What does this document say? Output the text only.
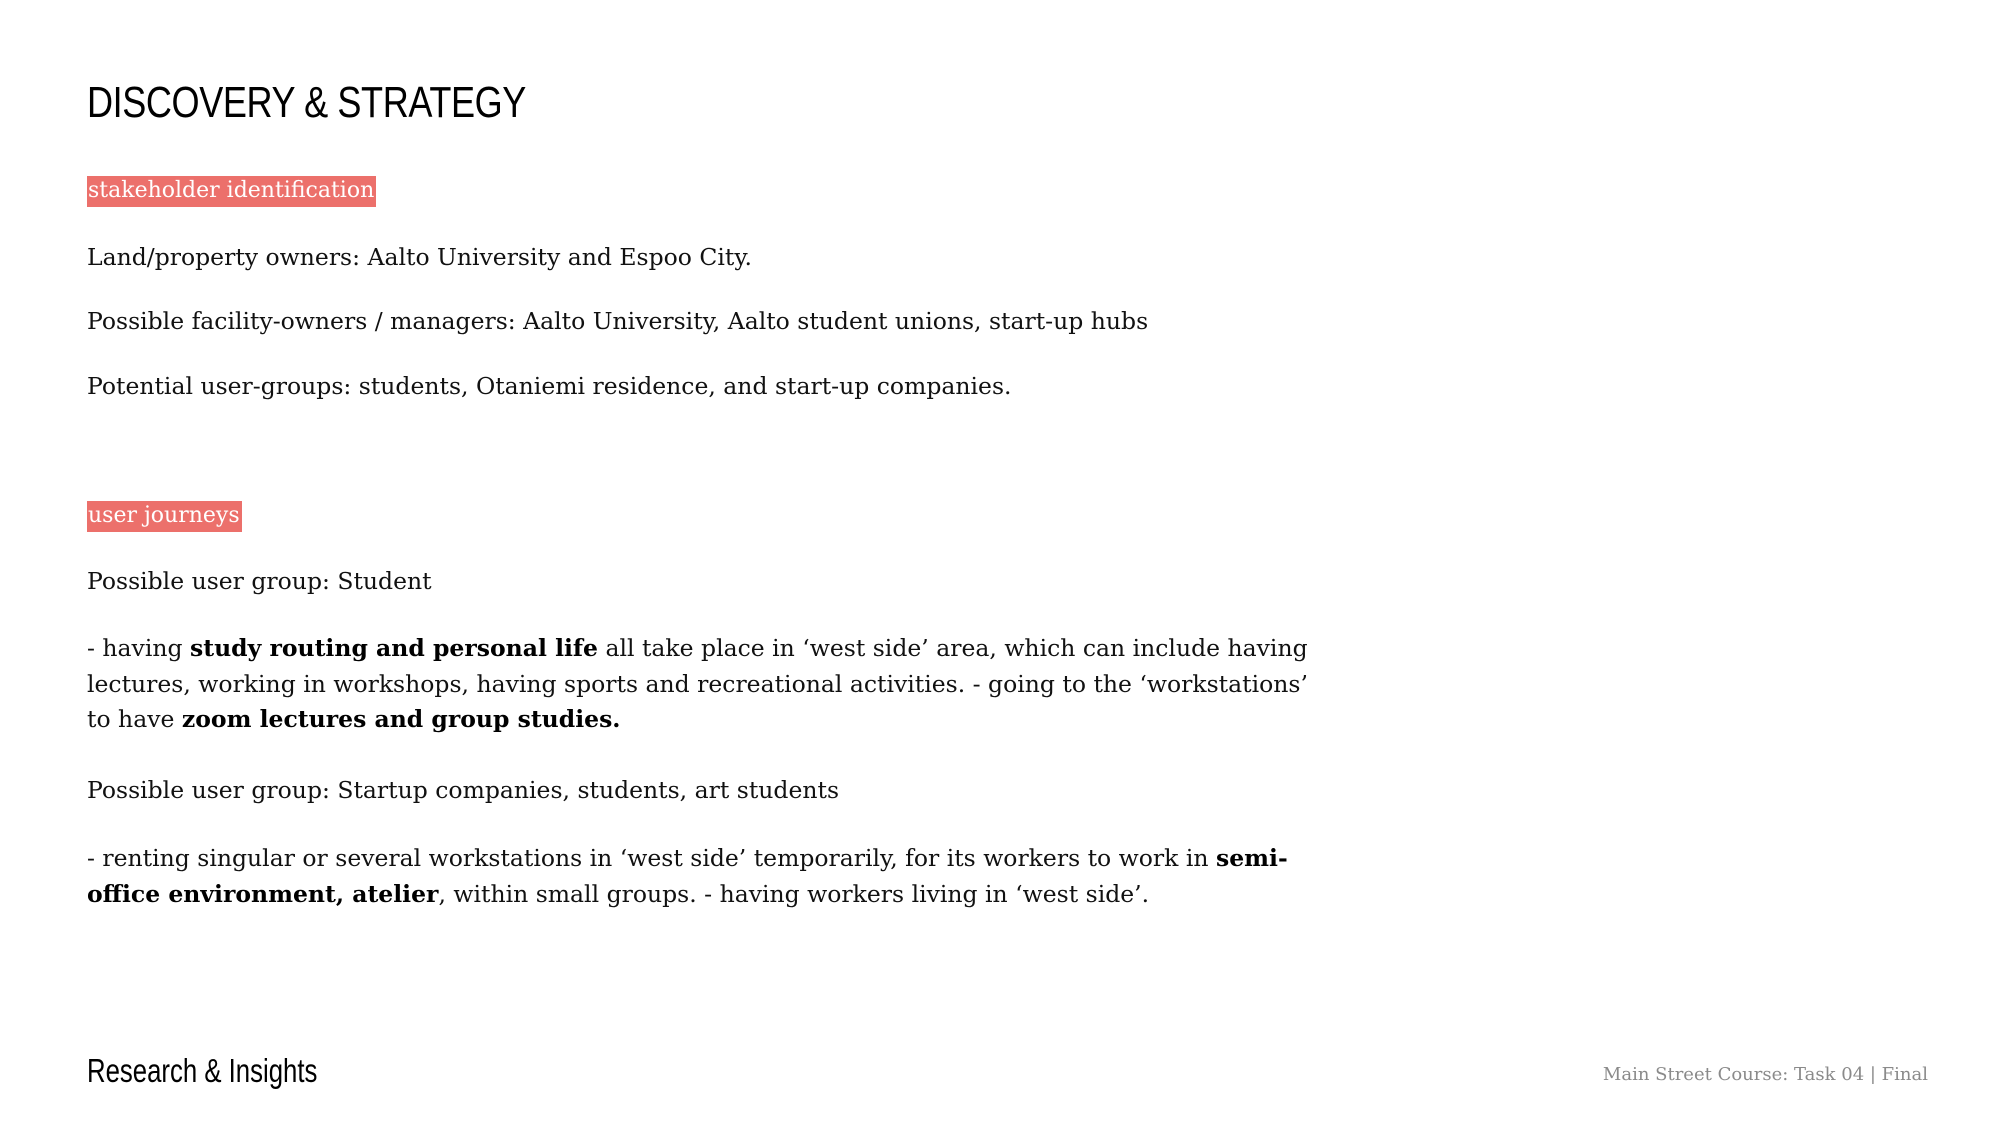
DISCOVERY & STRATEGY
stakeholder identification
Land/property owners: Aalto University and Espoo City.
Possible facility-owners / managers: Aalto University, Aalto student unions, start-up hubs
Potential user-groups: students, Otaniemi residence, and start-up companies.
user journeys
Possible user group: Student
- having study routing and personal life all take place in ‘west side’ area, which can include having lectures, working in workshops, having sports and recreational activities. - going to the ‘workstations’ to have zoom lectures and group studies.
Possible user group: Startup companies, students, art students
- renting singular or several workstations in ‘west side’ temporarily, for its workers to work in semi-office environment, atelier, within small groups. - having workers living in ‘west side’.
Research & Insights	Main Street Course: Task 04 | Final
